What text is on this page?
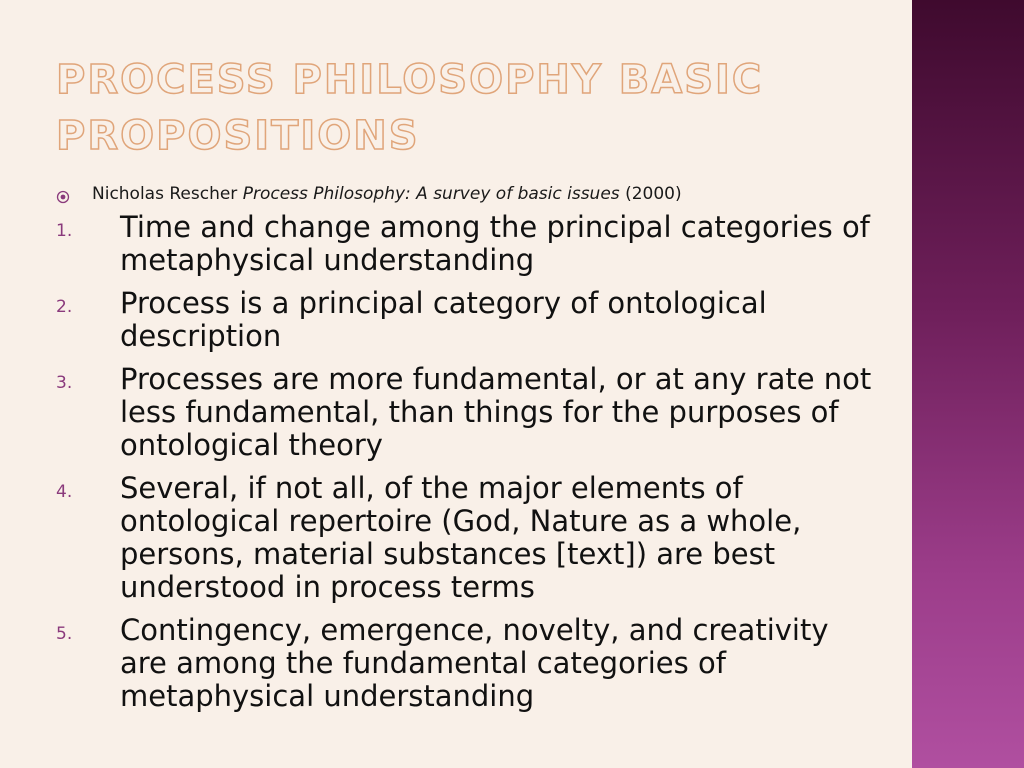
PROCESS PHILOSOPHY BASIC
PROPOSITIONS
Nicholas Rescher Process Philosophy: A survey of basic issues (2000)
1.	Time and change among the principal categories of metaphysical understanding
2.	Process is a principal category of ontological description
3.	Processes are more fundamental, or at any rate not less fundamental, than things for the purposes of ontological theory
4.	Several, if not all, of the major elements of ontological repertoire (God, Nature as a whole, persons, material substances [text]) are best understood in process terms
5.	Contingency, emergence, novelty, and creativity are among the fundamental categories of metaphysical understanding
